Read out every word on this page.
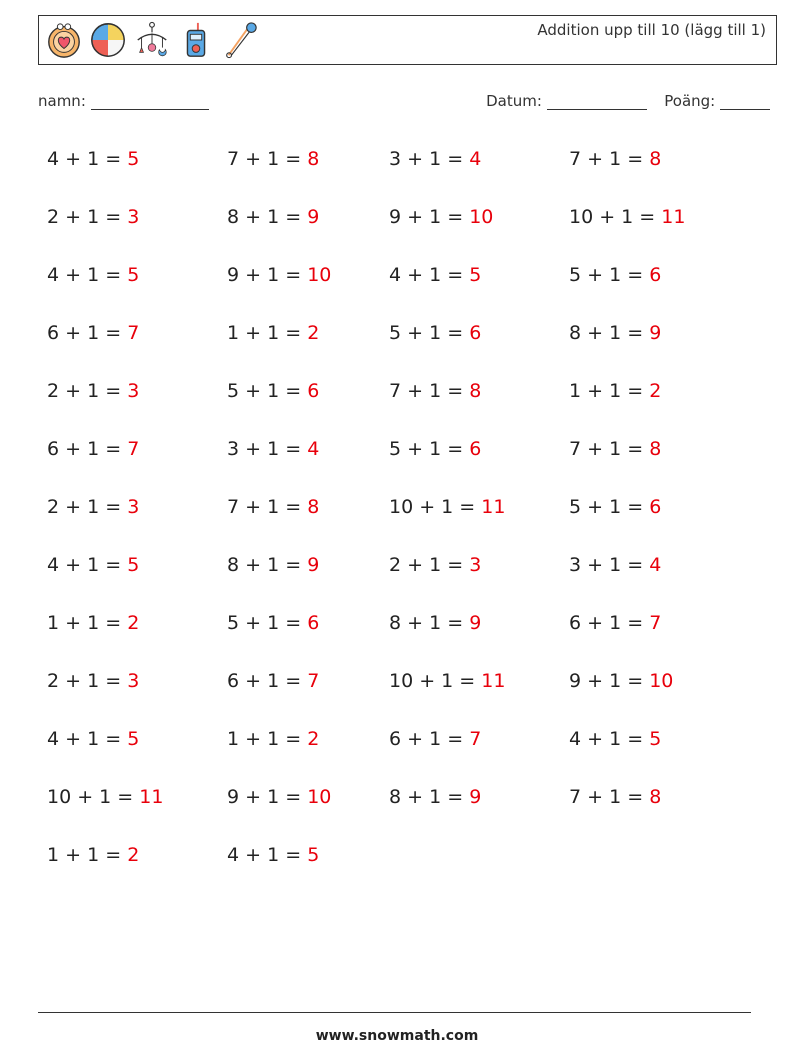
Addition upp till 10 (lägg till 1)
namn:	Datum:	Poäng:
4 + 1 = 5	7 + 1 = 8	3 + 1 = 4	7 + 1 = 8
2 + 1 = 3	8 + 1 = 9	9 + 1 = 10	10 + 1 = 11
4 + 1 = 5	9 + 1 = 10	4 + 1 = 5	5 + 1 = 6
6 + 1 = 7	1 + 1 = 2	5 + 1 = 6	8 + 1 = 9
2 + 1 = 3	5 + 1 = 6	7 + 1 = 8	1 + 1 = 2
6 + 1 = 7	3 + 1 = 4	5 + 1 = 6	7 + 1 = 8
2 + 1 = 3	7 + 1 = 8	10 + 1 = 11	5 + 1 = 6
4 + 1 = 5	8 + 1 = 9	2 + 1 = 3	3 + 1 = 4
1 + 1 = 2	5 + 1 = 6	8 + 1 = 9	6 + 1 = 7
2 + 1 = 3	6 + 1 = 7	10 + 1 = 11	9 + 1 = 10
4 + 1 = 5	1 + 1 = 2	6 + 1 = 7	4 + 1 = 5
10 + 1 = 11	9 + 1 = 10	8 + 1 = 9	7 + 1 = 8
1 + 1 = 2	4 + 1 = 5
www.snowmath.com
